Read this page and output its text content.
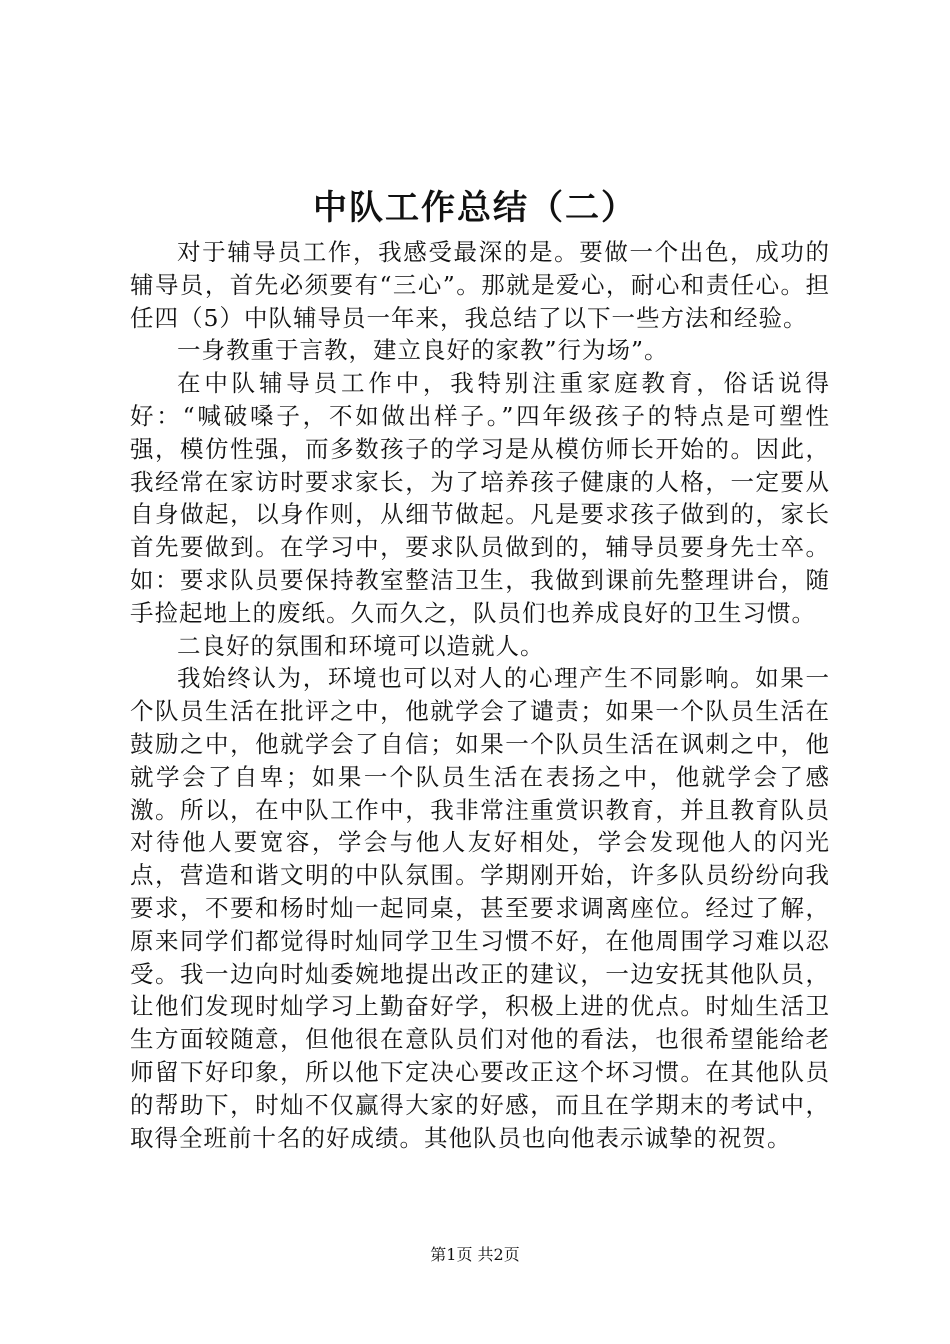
中队工作总结（二）

对于辅导员工作，我感受最深的是。要做一个出色，成功的辅导员，首先必须要有“三心”。那就是爱心，耐心和责任心。担任四（5）中队辅导员一年来，我总结了以下一些方法和经验。

一身教重于言教，建立良好的家教”行为场”。

在中队辅导员工作中，我特别注重家庭教育，俗话说得好：“喊破嗓子，不如做出样子。”四年级孩子的特点是可塑性强，模仿性强，而多数孩子的学习是从模仿师长开始的。因此，我经常在家访时要求家长，为了培养孩子健康的人格，一定要从自身做起，以身作则，从细节做起。凡是要求孩子做到的，家长首先要做到。在学习中，要求队员做到的，辅导员要身先士卒。如：要求队员要保持教室整洁卫生，我做到课前先整理讲台，随手捡起地上的废纸。久而久之，队员们也养成良好的卫生习惯。

二良好的氛围和环境可以造就人。

我始终认为，环境也可以对人的心理产生不同影响。如果一个队员生活在批评之中，他就学会了谴责；如果一个队员生活在鼓励之中，他就学会了自信；如果一个队员生活在讽刺之中，他就学会了自卑；如果一个队员生活在表扬之中，他就学会了感激。所以，在中队工作中，我非常注重赏识教育，并且教育队员对待他人要宽容，学会与他人友好相处，学会发现他人的闪光点，营造和谐文明的中队氛围。学期刚开始，许多队员纷纷向我要求，不要和杨时灿一起同桌，甚至要求调离座位。经过了解，原来同学们都觉得时灿同学卫生习惯不好，在他周围学习难以忍受。我一边向时灿委婉地提出改正的建议，一边安抚其他队员，让他们发现时灿学习上勤奋好学，积极上进的优点。时灿生活卫生方面较随意，但他很在意队员们对他的看法，也很希望能给老师留下好印象，所以他下定决心要改正这个坏习惯。在其他队员的帮助下，时灿不仅赢得大家的好感，而且在学期末的考试中，取得全班前十名的好成绩。其他队员也向他表示诚挚的祝贺。

第1页 共2页
